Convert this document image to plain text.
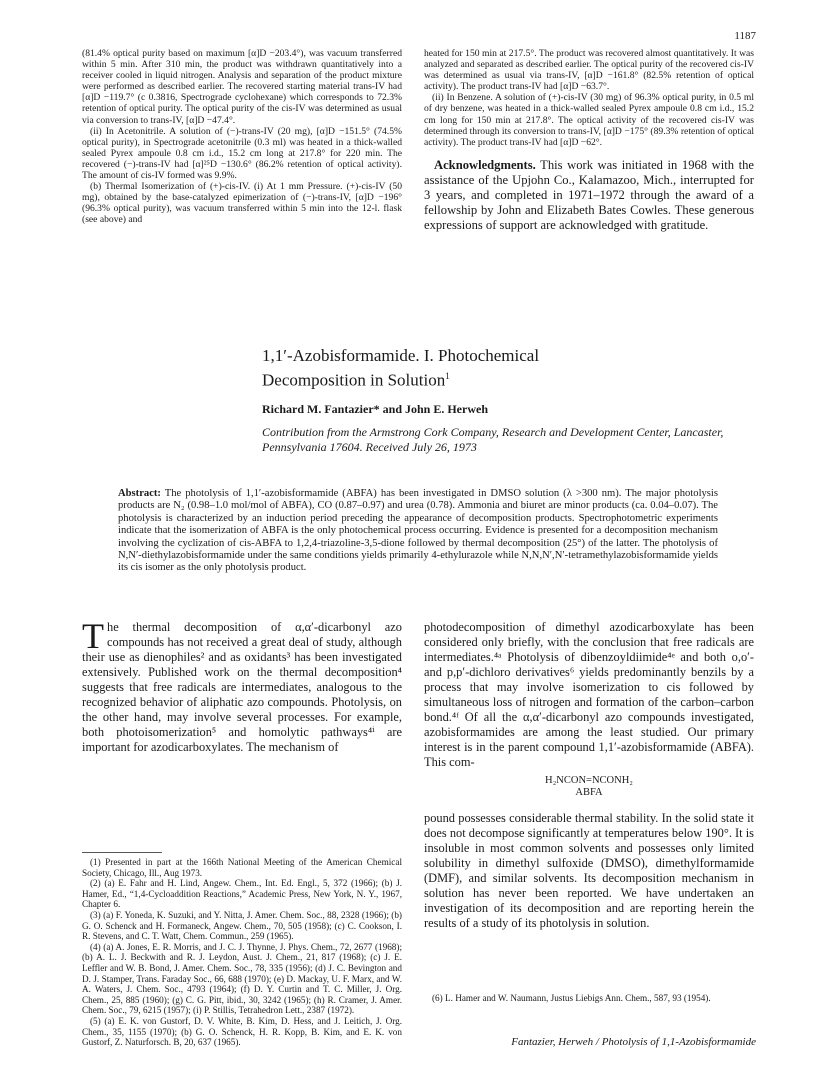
1187

(81.4% optical purity based on maximum [α]D −203.4°), was vacuum transferred within 5 min. After 310 min, the product was withdrawn quantitatively into a receiver cooled in liquid nitrogen. Analysis and separation of the product mixture were performed as described earlier. The recovered starting material trans-IV had [α]D −119.7° (c 0.3816, Spectrograde cyclohexane) which corresponds to 72.3% retention of optical purity. The optical purity of the cis-IV was determined as usual via conversion to trans-IV, [α]D −47.4°.

(ii) In Acetonitrile. A solution of (−)-trans-IV (20 mg), [α]D −151.5° (74.5% optical purity), in Spectrograde acetonitrile (0.3 ml) was heated in a thick-walled sealed Pyrex ampoule 0.8 cm i.d., 15.2 cm long at 217.8° for 220 min. The recovered (−)-trans-IV had [α]²⁵D −130.6° (86.2% retention of optical activity). The amount of cis-IV formed was 9.9%.

(b) Thermal Isomerization of (+)-cis-IV. (i) At 1 mm Pressure. (+)-cis-IV (50 mg), obtained by the base-catalyzed epimerization of (−)-trans-IV, [α]D −196° (96.3% optical purity), was vacuum transferred within 5 min into the 12-l. flask (see above) and

heated for 150 min at 217.5°. The product was recovered almost quantitatively. It was analyzed and separated as described earlier. The optical purity of the recovered cis-IV was determined as usual via trans-IV, [α]D −161.8° (82.5% retention of optical activity). The product trans-IV had [α]D −63.7°.

(ii) In Benzene. A solution of (+)-cis-IV (30 mg) of 96.3% optical purity, in 0.5 ml of dry benzene, was heated in a thick-walled sealed Pyrex ampoule 0.8 cm i.d., 15.2 cm long for 150 min at 217.8°. The optical activity of the recovered cis-IV was determined through its conversion to trans-IV, [α]D −175° (89.3% retention of optical activity). The product trans-IV had [α]D −62°.

Acknowledgments. This work was initiated in 1968 with the assistance of the Upjohn Co., Kalamazoo, Mich., interrupted for 3 years, and completed in 1971–1972 through the award of a fellowship by John and Elizabeth Bates Cowles. These generous expressions of support are acknowledged with gratitude.

1,1′-Azobisformamide. I. Photochemical
Decomposition in Solution$^1$
Richard M. Fantazier* and John E. Herweh
Contribution from the Armstrong Cork Company, Research and Development Center, Lancaster, Pennsylvania 17604. Received July 26, 1973
Abstract: The photolysis of 1,1′-azobisformamide (ABFA) has been investigated in DMSO solution (λ >300 nm). The major photolysis products are N₂ (0.98–1.0 mol/mol of ABFA), CO (0.87–0.97) and urea (0.78). Ammonia and biuret are minor products (ca. 0.04–0.07). The photolysis is characterized by an induction period preceding the appearance of decomposition products. Spectrophotometric experiments indicate that the isomerization of ABFA is the only photochemical process occurring. Evidence is presented for a decomposition mechanism involving the cyclization of cis-ABFA to 1,2,4-triazoline-3,5-dione followed by thermal decomposition (25°) of the latter. The photolysis of N,N′-diethylazobisformamide under the same conditions yields primarily 4-ethylurazole while N,N,N′,N′-tetramethylazobisformamide yields its cis isomer as the only photolysis product.
The thermal decomposition of α,α′-dicarbonyl azo compounds has not received a great deal of study, although their use as dienophiles² and as oxidants³ has been investigated extensively. Published work on the thermal decomposition⁴ suggests that free radicals are intermediates, analogous to the recognized behavior of aliphatic azo compounds. Photolysis, on the other hand, may involve several processes. For example, both photoisomerization⁵ and homolytic pathways⁴ⁱ are important for azodicarboxylates. The mechanism of
photodecomposition of dimethyl azodicarboxylate has been considered only briefly, with the conclusion that free radicals are intermediates.⁴ᵃ Photolysis of dibenzoyldiimide⁴ᵉ and both o,o′- and p,p′-dichloro derivatives⁶ yields predominantly benzils by a process that may involve isomerization to cis followed by simultaneous loss of nitrogen and formation of the carbon–carbon bond.⁴ᶠ Of all the α,α′-dicarbonyl azo compounds investigated, azobisformamides are among the least studied. Our primary interest is in the parent compound 1,1′-azobisformamide (ABFA). This com-
H₂NCON=NCONH₂
ABFA
pound possesses considerable thermal stability. In the solid state it does not decompose significantly at temperatures below 190°. It is insoluble in most common solvents and possesses only limited solubility in dimethyl sulfoxide (DMSO), dimethylformamide (DMF), and similar solvents. Its decomposition mechanism in solution has never been reported. We have undertaken an investigation of its decomposition and are reporting herein the results of a study of its photolysis in solution.

(1) Presented in part at the 166th National Meeting of the American Chemical Society, Chicago, Ill., Aug 1973.

(2) (a) E. Fahr and H. Lind, Angew. Chem., Int. Ed. Engl., 5, 372 (1966); (b) J. Hamer, Ed., “1,4-Cycloaddition Reactions,” Academic Press, New York, N. Y., 1967, Chapter 6.

(3) (a) F. Yoneda, K. Suzuki, and Y. Nitta, J. Amer. Chem. Soc., 88, 2328 (1966); (b) G. O. Schenck and H. Formaneck, Angew. Chem., 70, 505 (1958); (c) C. Cookson, I. R. Stevens, and C. T. Watt, Chem. Commun., 259 (1965).

(4) (a) A. Jones, E. R. Morris, and J. C. J. Thynne, J. Phys. Chem., 72, 2677 (1968); (b) A. L. J. Beckwith and R. J. Leydon, Aust. J. Chem., 21, 817 (1968); (c) J. E. Leffler and W. B. Bond, J. Amer. Chem. Soc., 78, 335 (1956); (d) J. C. Bevington and D. J. Stamper, Trans. Faraday Soc., 66, 688 (1970); (e) D. Mackay, U. F. Marx, and W. A. Waters, J. Chem. Soc., 4793 (1964); (f) D. Y. Curtin and T. C. Miller, J. Org. Chem., 25, 885 (1960); (g) C. G. Pitt, ibid., 30, 3242 (1965); (h) R. Cramer, J. Amer. Chem. Soc., 79, 6215 (1957); (i) P. Stillis, Tetrahedron Lett., 2387 (1972).

(5) (a) E. K. von Gustorf, D. V. White, B. Kim, D. Hess, and J. Leitich, J. Org. Chem., 35, 1155 (1970); (b) G. O. Schenck, H. R. Kopp, B. Kim, and E. K. von Gustorf, Z. Naturforsch. B, 20, 637 (1965).

(6) L. Hamer and W. Naumann, Justus Liebigs Ann. Chem., 587, 93 (1954).
Fantazier, Herweh / Photolysis of 1,1-Azobisformamide
